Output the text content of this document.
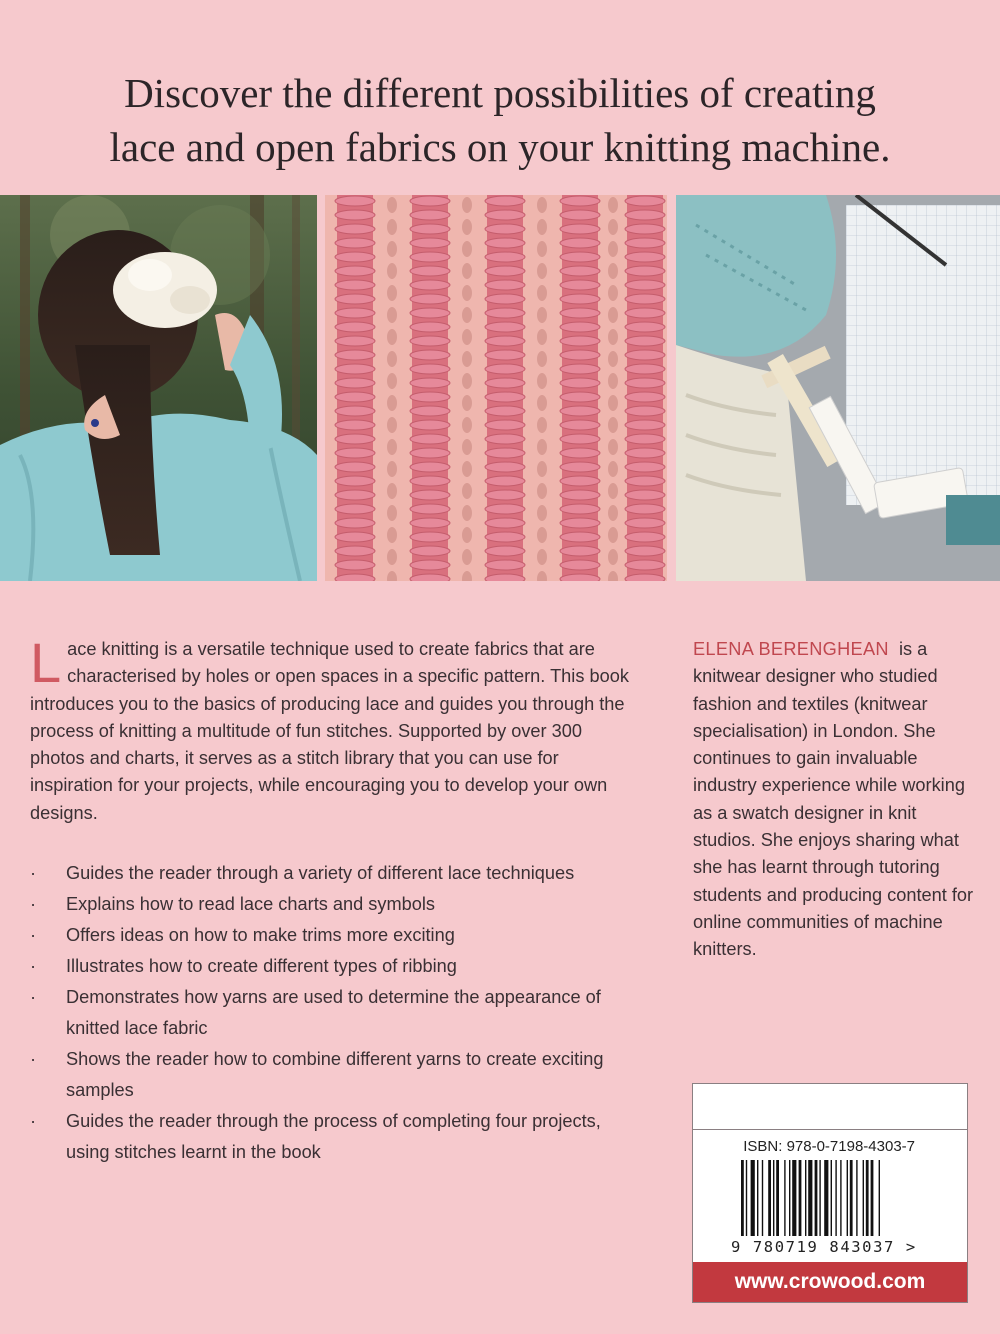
Discover the different possibilities of creating
lace and open fabrics on your knitting machine.

Lace knitting is a versatile technique used to create fabrics that are characterised by holes or open spaces in a specific pattern. This book introduces you to the basics of producing lace and guides you through the process of knitting a multitude of fun stitches. Supported by over 300 photos and charts, it serves as a stitch library that you can use for inspiration for your projects, while encouraging you to develop your own designs.

· Guides the reader through a variety of different lace techniques
· Explains how to read lace charts and symbols
· Offers ideas on how to make trims more exciting
· Illustrates how to create different types of ribbing
· Demonstrates how yarns are used to determine the appearance of knitted lace fabric
· Shows the reader how to combine different yarns to create exciting samples
· Guides the reader through the process of completing four projects, using stitches learnt in the book

ELENA BERENGHEAN is a knitwear designer who studied fashion and textiles (knitwear specialisation) in London. She continues to gain invaluable industry experience while working as a swatch designer in knit studios. She enjoys sharing what she has learnt through tutoring students and producing content for online communities of machine knitters.

ISBN: 978-0-7198-4303-7
9 780719 843037 >
www.crowood.com
